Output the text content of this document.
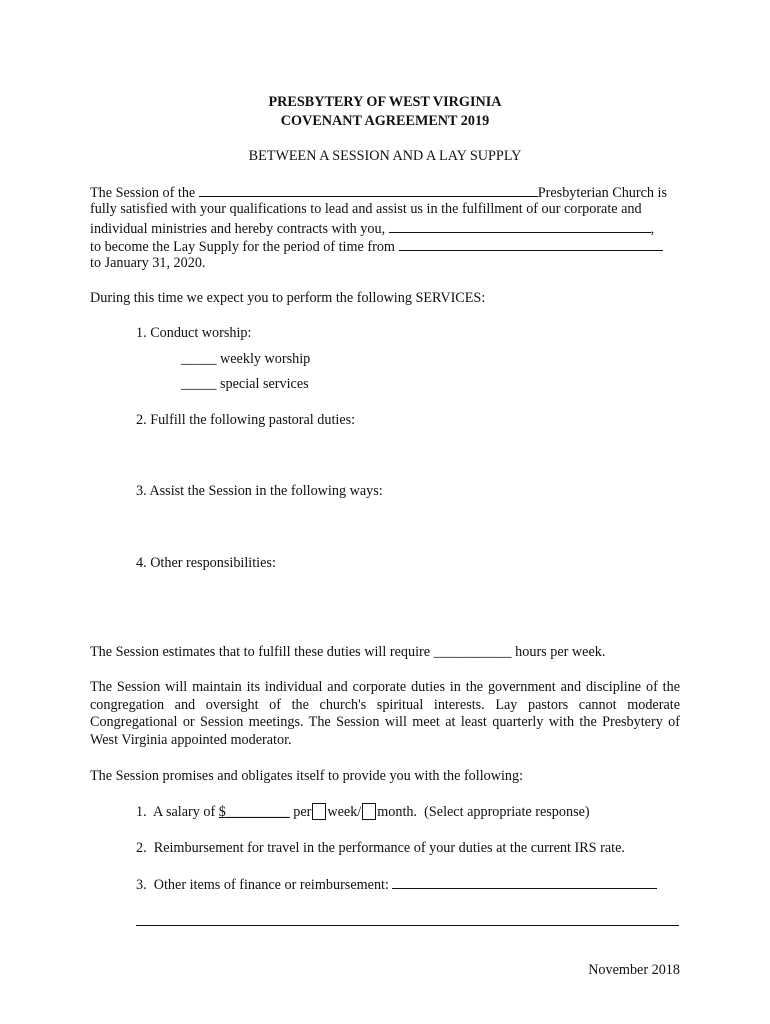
PRESBYTERY OF WEST VIRGINIA
COVENANT AGREEMENT 2019
BETWEEN A SESSION AND A LAY SUPPLY
The Session of the	Presbyterian Church is
fully satisfied with your qualifications to lead and assist us in the fulfillment of our corporate and
individual ministries and hereby contracts with you,	,
to become the Lay Supply for the period of time from
to January 31, 2020.
During this time we expect you to perform the following SERVICES:
1. Conduct worship:
_____ weekly worship
_____ special services
2. Fulfill the following pastoral duties:
3. Assist the Session in the following ways:
4. Other responsibilities:
The Session estimates that to fulfill these duties will require ___________ hours per week.
The Session will maintain its individual and corporate duties in the government and discipline of the congregation and oversight of the church's spiritual interests. Lay pastors cannot moderate Congregational or Session meetings. The Session will meet at least quarterly with the Presbytery of West Virginia appointed moderator.
The Session promises and obligates itself to provide you with the following:
1. A salary of $_________ per week/ month. (Select appropriate response)
2. Reimbursement for travel in the performance of your duties at the current IRS rate.
3. Other items of finance or reimbursement:
November 2018
